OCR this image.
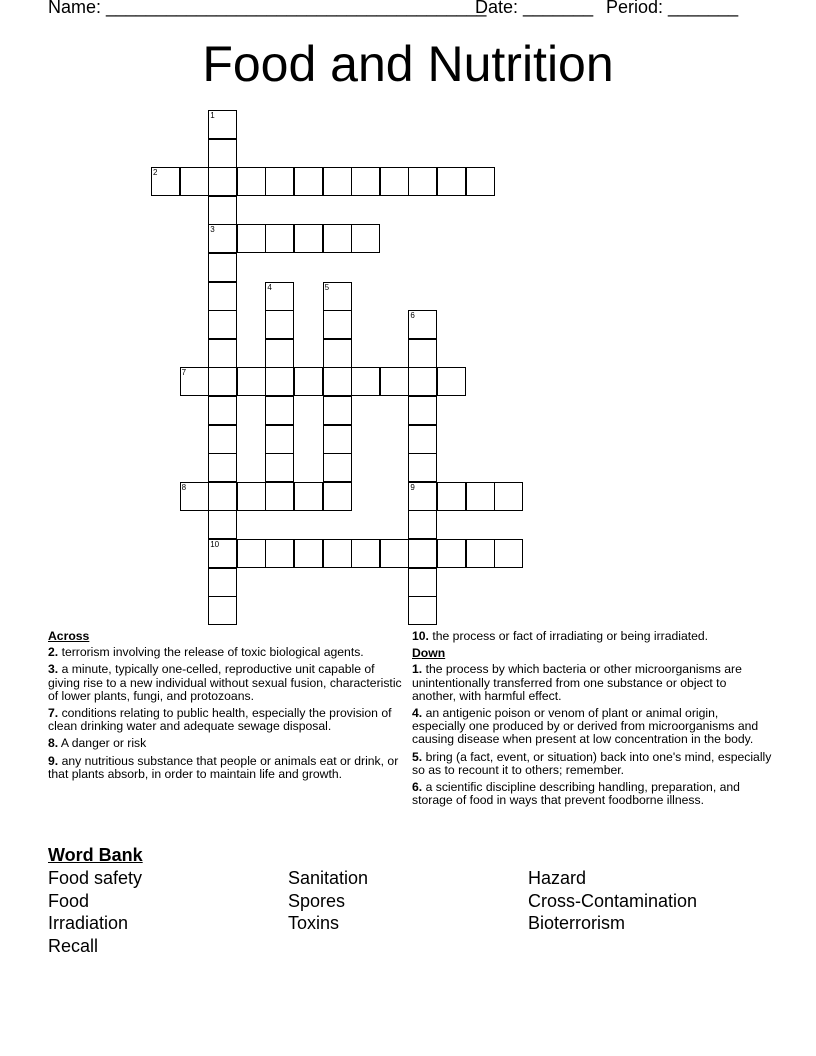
Name: ______________________________________
Date: _______ Period: _______
Food and Nutrition
1
3
10
2
4	5
6
9
7
8
Across
2. terrorism involving the release of toxic biological agents.
3. a minute, typically one-celled, reproductive unit capable of giving rise to a new individual without sexual fusion, characteristic of lower plants, fungi, and protozoans.
7. conditions relating to public health, especially the provision of clean drinking water and adequate sewage disposal.
8. A danger or risk
9. any nutritious substance that people or animals eat or drink, or that plants absorb, in order to maintain life and growth.
10. the process or fact of irradiating or being irradiated.
Down
1. the process by which bacteria or other microorganisms are unintentionally transferred from one substance or object to another, with harmful effect.
4. an antigenic poison or venom of plant or animal origin, especially one produced by or derived from microorganisms and causing disease when present at low concentration in the body.
5. bring (a fact, event, or situation) back into one's mind, especially so as to recount it to others; remember.
6. a scientific discipline describing handling, preparation, and storage of food in ways that prevent foodborne illness.
Word Bank
Food safety	Sanitation	Hazard
Food	Spores	Cross-Contamination
Irradiation	Toxins	Bioterrorism
Recall
